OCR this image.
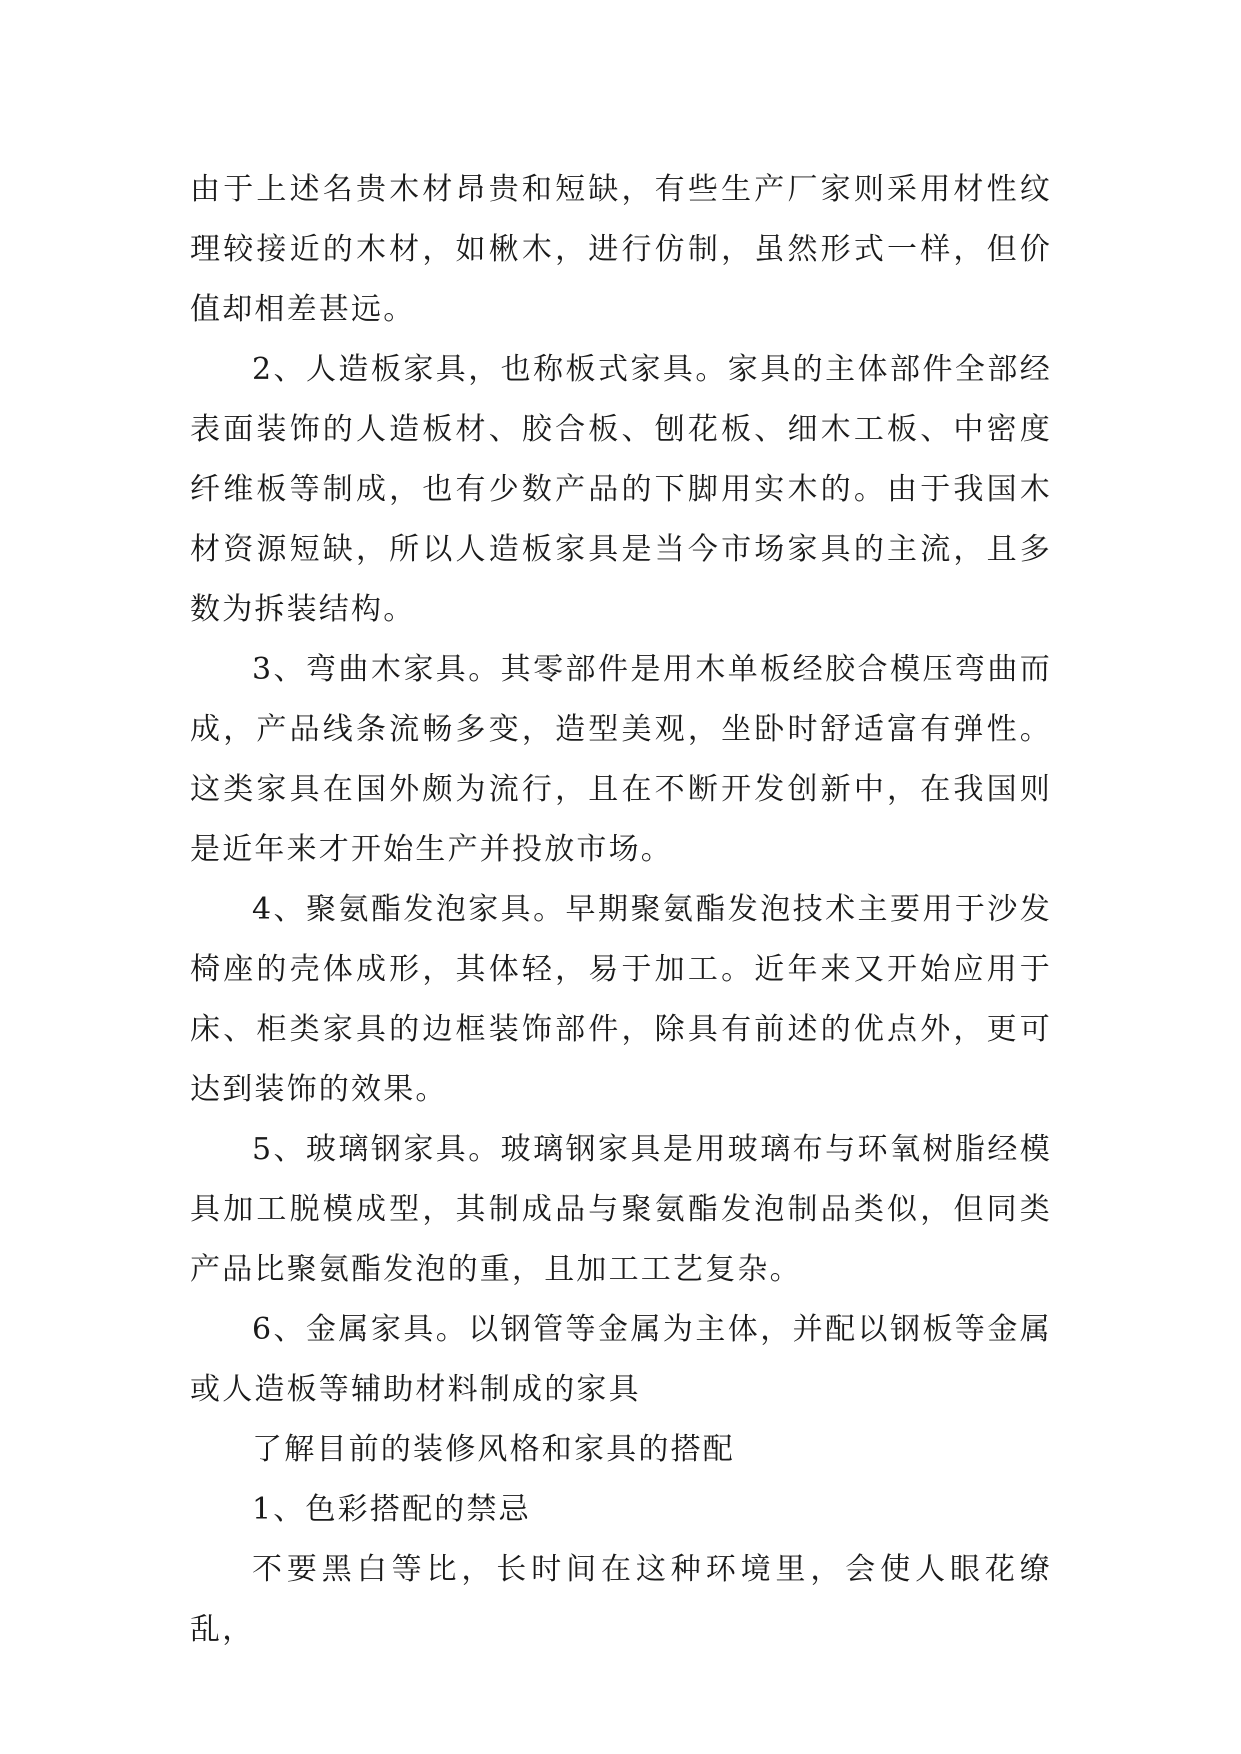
由于上述名贵木材昂贵和短缺，有些生产厂家则采用材性纹理较接近的木材，如楸木，进行仿制，虽然形式一样，但价值却相差甚远。

2、人造板家具，也称板式家具。家具的主体部件全部经表面装饰的人造板材、胶合板、刨花板、细木工板、中密度纤维板等制成，也有少数产品的下脚用实木的。由于我国木材资源短缺，所以人造板家具是当今市场家具的主流，且多数为拆装结构。

3、弯曲木家具。其零部件是用木单板经胶合模压弯曲而成，产品线条流畅多变，造型美观，坐卧时舒适富有弹性。这类家具在国外颇为流行，且在不断开发创新中，在我国则是近年来才开始生产并投放市场。

4、聚氨酯发泡家具。早期聚氨酯发泡技术主要用于沙发椅座的壳体成形，其体轻，易于加工。近年来又开始应用于床、柜类家具的边框装饰部件，除具有前述的优点外，更可达到装饰的效果。

5、玻璃钢家具。玻璃钢家具是用玻璃布与环氧树脂经模具加工脱模成型，其制成品与聚氨酯发泡制品类似，但同类产品比聚氨酯发泡的重，且加工工艺复杂。

6、金属家具。以钢管等金属为主体，并配以钢板等金属或人造板等辅助材料制成的家具

了解目前的装修风格和家具的搭配

1、色彩搭配的禁忌

不要黑白等比，长时间在这种环境里，会使人眼花缭乱，
